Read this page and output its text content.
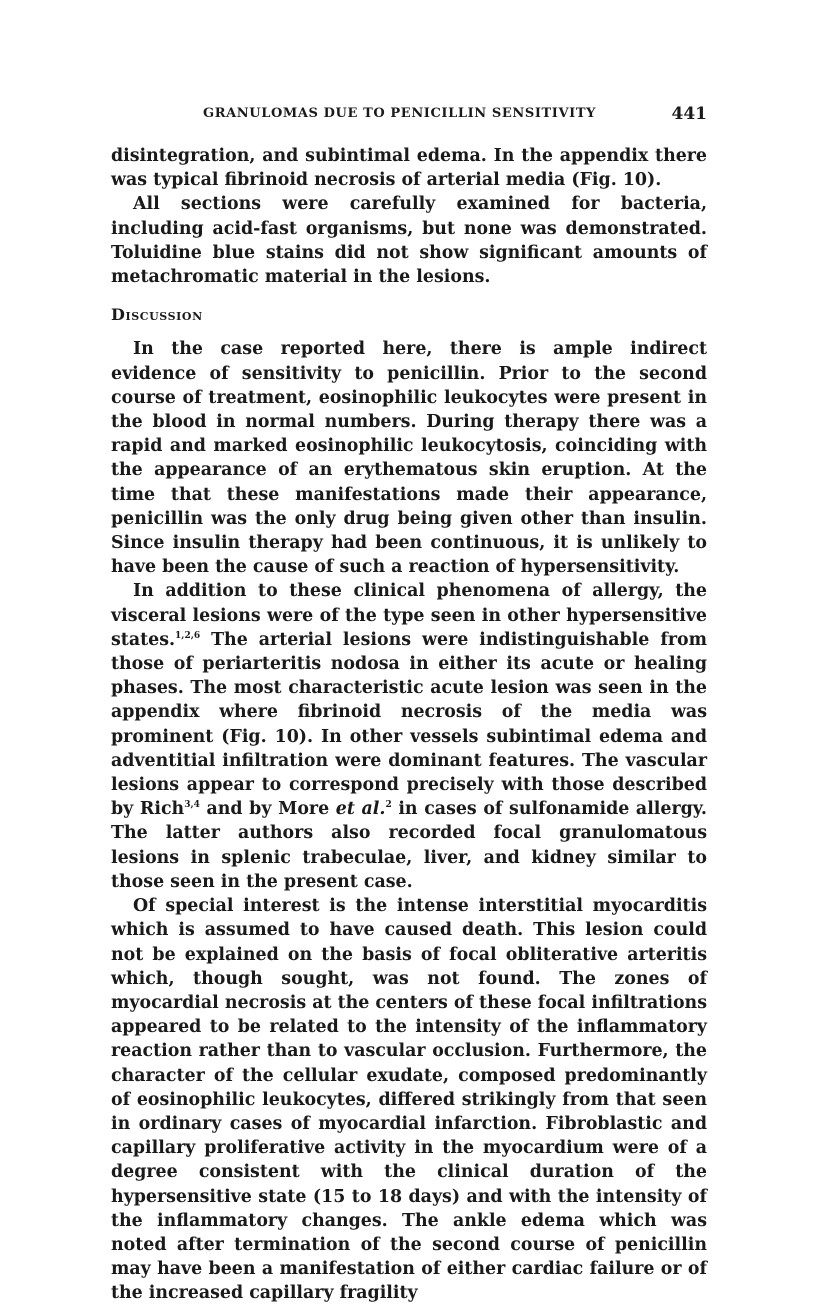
GRANULOMAS DUE TO PENICILLIN SENSITIVITY	441

disintegration, and subintimal edema. In the appendix there was typical fibrinoid necrosis of arterial media (Fig. 10).

All sections were carefully examined for bacteria, including acid-fast organisms, but none was demonstrated. Toluidine blue stains did not show significant amounts of metachromatic material in the lesions.

Discussion

In the case reported here, there is ample indirect evidence of sensitivity to penicillin. Prior to the second course of treatment, eosinophilic leukocytes were present in the blood in normal numbers. During therapy there was a rapid and marked eosinophilic leukocytosis, coinciding with the appearance of an erythematous skin eruption. At the time that these manifestations made their appearance, penicillin was the only drug being given other than insulin. Since insulin therapy had been continuous, it is unlikely to have been the cause of such a reaction of hypersensitivity.

In addition to these clinical phenomena of allergy, the visceral lesions were of the type seen in other hypersensitive states.$^{1,2,6}$ The arterial lesions were indistinguishable from those of periarteritis nodosa in either its acute or healing phases. The most characteristic acute lesion was seen in the appendix where fibrinoid necrosis of the media was prominent (Fig. 10). In other vessels subintimal edema and adventitial infiltration were dominant features. The vascular lesions appear to correspond precisely with those described by Rich$^{3,4}$ and by More et al.$^2$ in cases of sulfonamide allergy. The latter authors also recorded focal granulomatous lesions in splenic trabeculae, liver, and kidney similar to those seen in the present case.

Of special interest is the intense interstitial myocarditis which is assumed to have caused death. This lesion could not be explained on the basis of focal obliterative arteritis which, though sought, was not found. The zones of myocardial necrosis at the centers of these focal infiltrations appeared to be related to the intensity of the inflammatory reaction rather than to vascular occlusion. Furthermore, the character of the cellular exudate, composed predominantly of eosinophilic leukocytes, differed strikingly from that seen in ordinary cases of myocardial infarction. Fibroblastic and capillary proliferative activity in the myocardium were of a degree consistent with the clinical duration of the hypersensitive state (15 to 18 days) and with the intensity of the inflammatory changes. The ankle edema which was noted after termination of the second course of penicillin may have been a manifestation of either cardiac failure or of the increased capillary fragility
